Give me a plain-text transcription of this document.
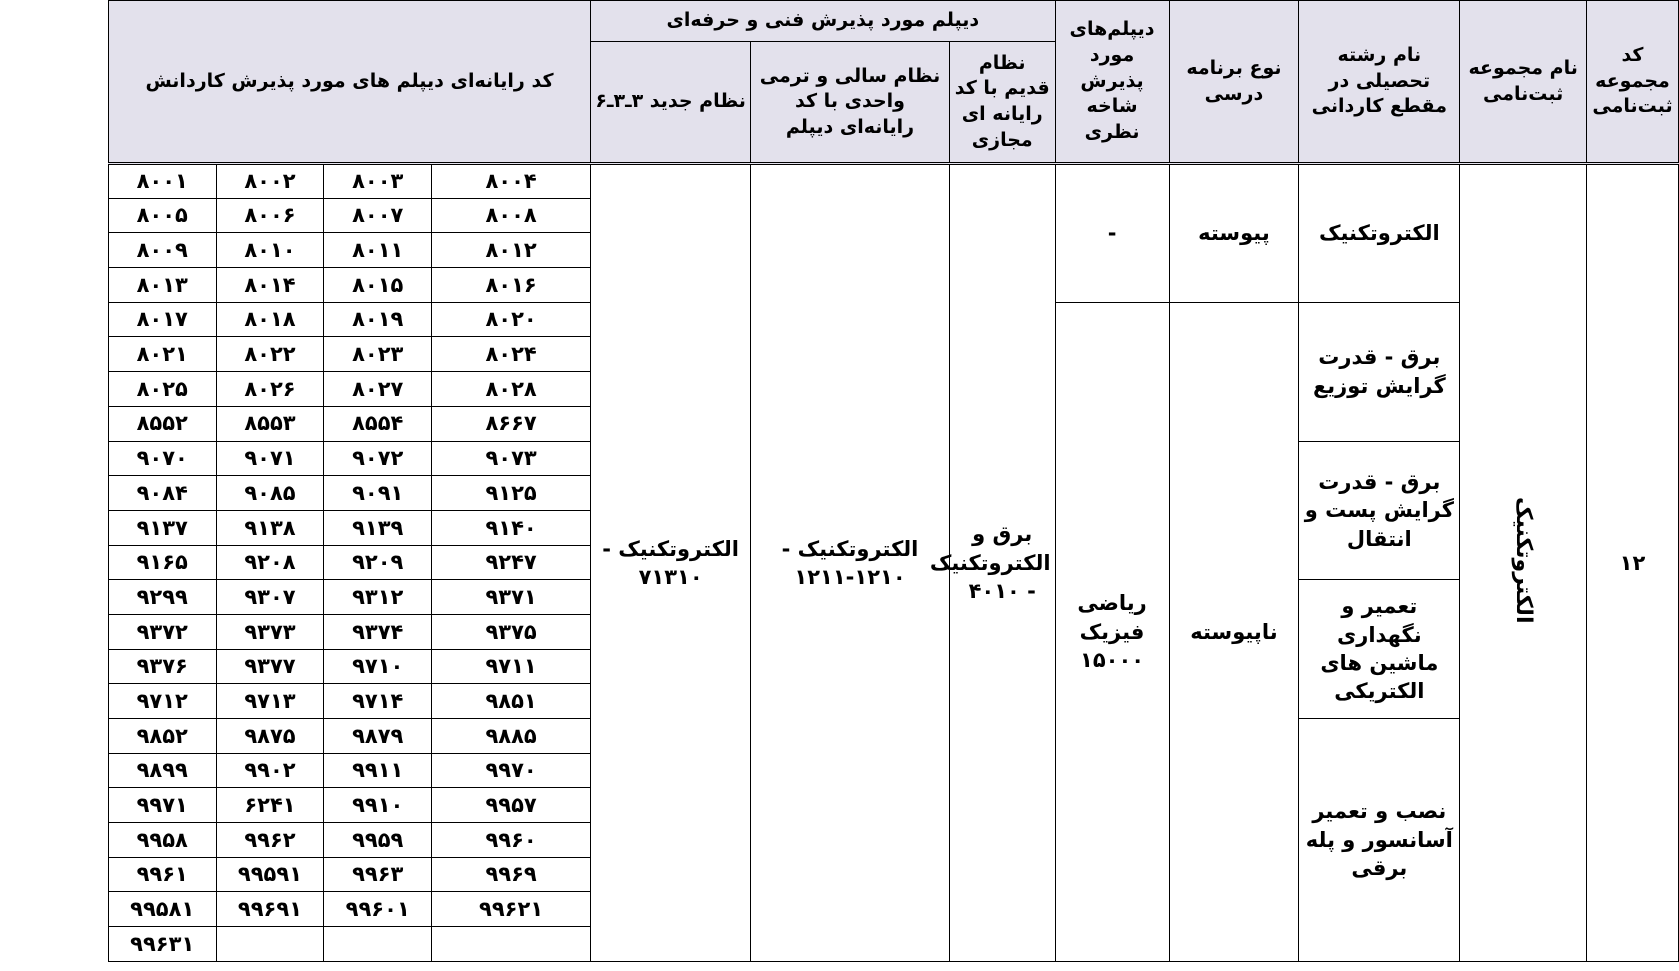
کد مجموعه ثبت‌نامی	نام مجموعه ثبت‌نامی	نام رشته تحصیلی در مقطع کاردانی	نوع برنامه درسی	دیپلم‌های مورد پذیرش شاخه نظری	دیپلم مورد پذیرش فنی و حرفه‌ای			کد رایانه‌ای دیپلم های مورد پذیرش کاردانش			
					نظام قدیم با کد رایانه ای مجازی	نظام سالی و ترمی واحدی با کد رایانه‌ای دیپلم	نظام جدید ۳ـ۳ـ۶				
۱۲	الکتروتکنیک	الکتروتکنیک	پیوسته	-	برق و الکتروتکنیک - ۴۰۱۰	الکتروتکنیک - ۱۲۱۰-۱۲۱۱	الکتروتکنیک - ۷۱۳۱۰	۸۰۰۴	۸۰۰۳	۸۰۰۲	۸۰۰۱
								۸۰۰۸	۸۰۰۷	۸۰۰۶	۸۰۰۵
								۸۰۱۲	۸۰۱۱	۸۰۱۰	۸۰۰۹
								۸۰۱۶	۸۰۱۵	۸۰۱۴	۸۰۱۳
		برق - قدرت گرایش توزیع	ناپیوسته	ریاضی فیزیک ۱۵۰۰۰				۸۰۲۰	۸۰۱۹	۸۰۱۸	۸۰۱۷
								۸۰۲۴	۸۰۲۳	۸۰۲۲	۸۰۲۱
								۸۰۲۸	۸۰۲۷	۸۰۲۶	۸۰۲۵
								۸۶۶۷	۸۵۵۴	۸۵۵۳	۸۵۵۲
		برق - قدرت گرایش پست و انتقال						۹۰۷۳	۹۰۷۲	۹۰۷۱	۹۰۷۰
								۹۱۲۵	۹۰۹۱	۹۰۸۵	۹۰۸۴
								۹۱۴۰	۹۱۳۹	۹۱۳۸	۹۱۳۷
								۹۲۴۷	۹۲۰۹	۹۲۰۸	۹۱۶۵
		تعمیر و نگهداری ماشین های الکتریکی						۹۳۷۱	۹۳۱۲	۹۳۰۷	۹۲۹۹
								۹۳۷۵	۹۳۷۴	۹۳۷۳	۹۳۷۲
								۹۷۱۱	۹۷۱۰	۹۳۷۷	۹۳۷۶
								۹۸۵۱	۹۷۱۴	۹۷۱۳	۹۷۱۲
		نصب و تعمیر آسانسور و پله برقی						۹۸۸۵	۹۸۷۹	۹۸۷۵	۹۸۵۲
								۹۹۷۰	۹۹۱۱	۹۹۰۲	۹۸۹۹
								۹۹۵۷	۹۹۱۰	۶۲۴۱	۹۹۷۱
								۹۹۶۰	۹۹۵۹	۹۹۶۲	۹۹۵۸
								۹۹۶۹	۹۹۶۳	۹۹۵۹۱	۹۹۶۱
								۹۹۶۲۱	۹۹۶۰۱	۹۹۶۹۱	۹۹۵۸۱
											۹۹۶۳۱
